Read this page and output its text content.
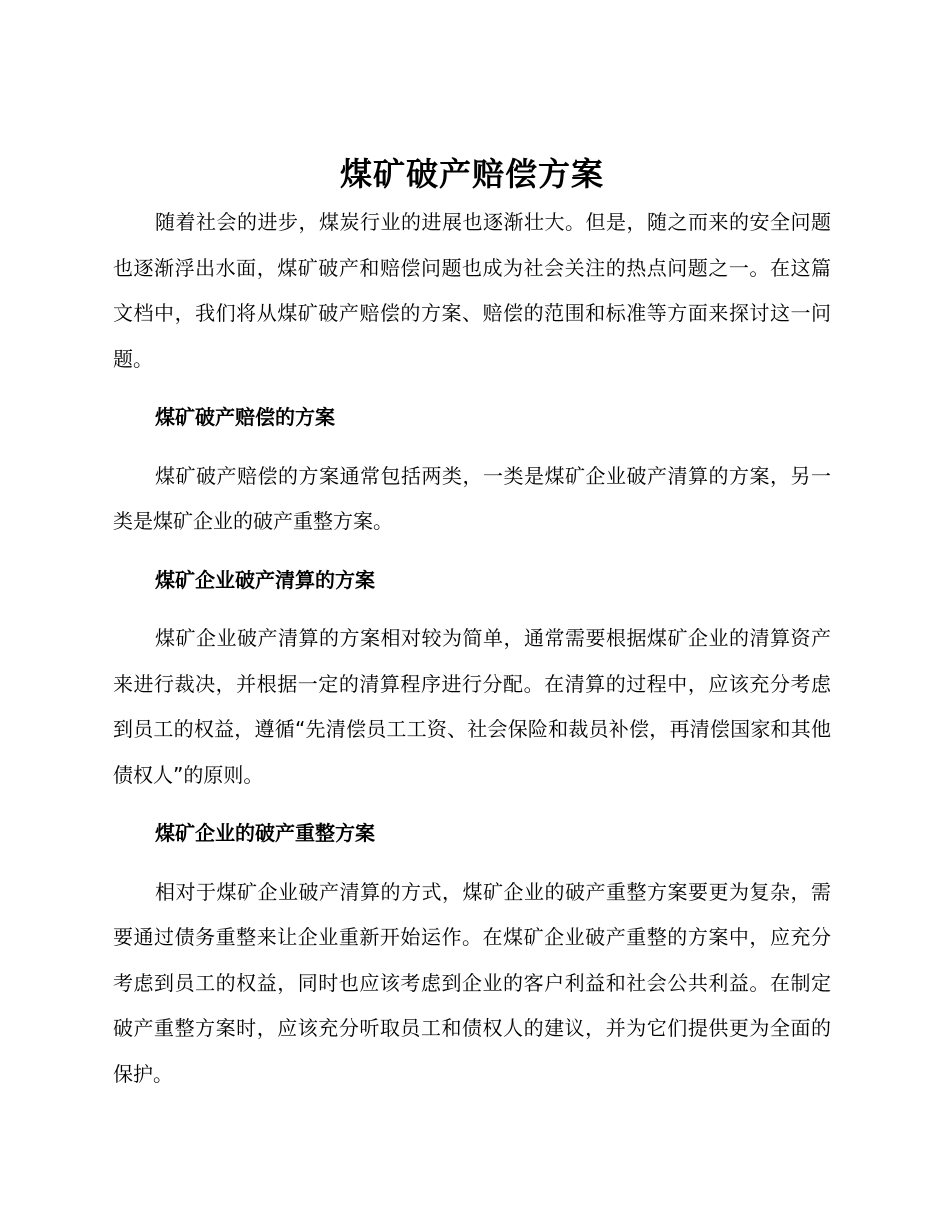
煤矿破产赔偿方案

随着社会的进步，煤炭行业的进展也逐渐壮大。但是，随之而来的安全问题也逐渐浮出水面，煤矿破产和赔偿问题也成为社会关注的热点问题之一。在这篇文档中，我们将从煤矿破产赔偿的方案、赔偿的范围和标准等方面来探讨这一问题。

煤矿破产赔偿的方案

煤矿破产赔偿的方案通常包括两类，一类是煤矿企业破产清算的方案，另一类是煤矿企业的破产重整方案。

煤矿企业破产清算的方案

煤矿企业破产清算的方案相对较为简单，通常需要根据煤矿企业的清算资产来进行裁决，并根据一定的清算程序进行分配。在清算的过程中，应该充分考虑到员工的权益，遵循“先清偿员工工资、社会保险和裁员补偿，再清偿国家和其他债权人”的原则。

煤矿企业的破产重整方案

相对于煤矿企业破产清算的方式，煤矿企业的破产重整方案要更为复杂，需要通过债务重整来让企业重新开始运作。在煤矿企业破产重整的方案中，应充分考虑到员工的权益，同时也应该考虑到企业的客户利益和社会公共利益。在制定破产重整方案时，应该充分听取员工和债权人的建议，并为它们提供更为全面的保护。
